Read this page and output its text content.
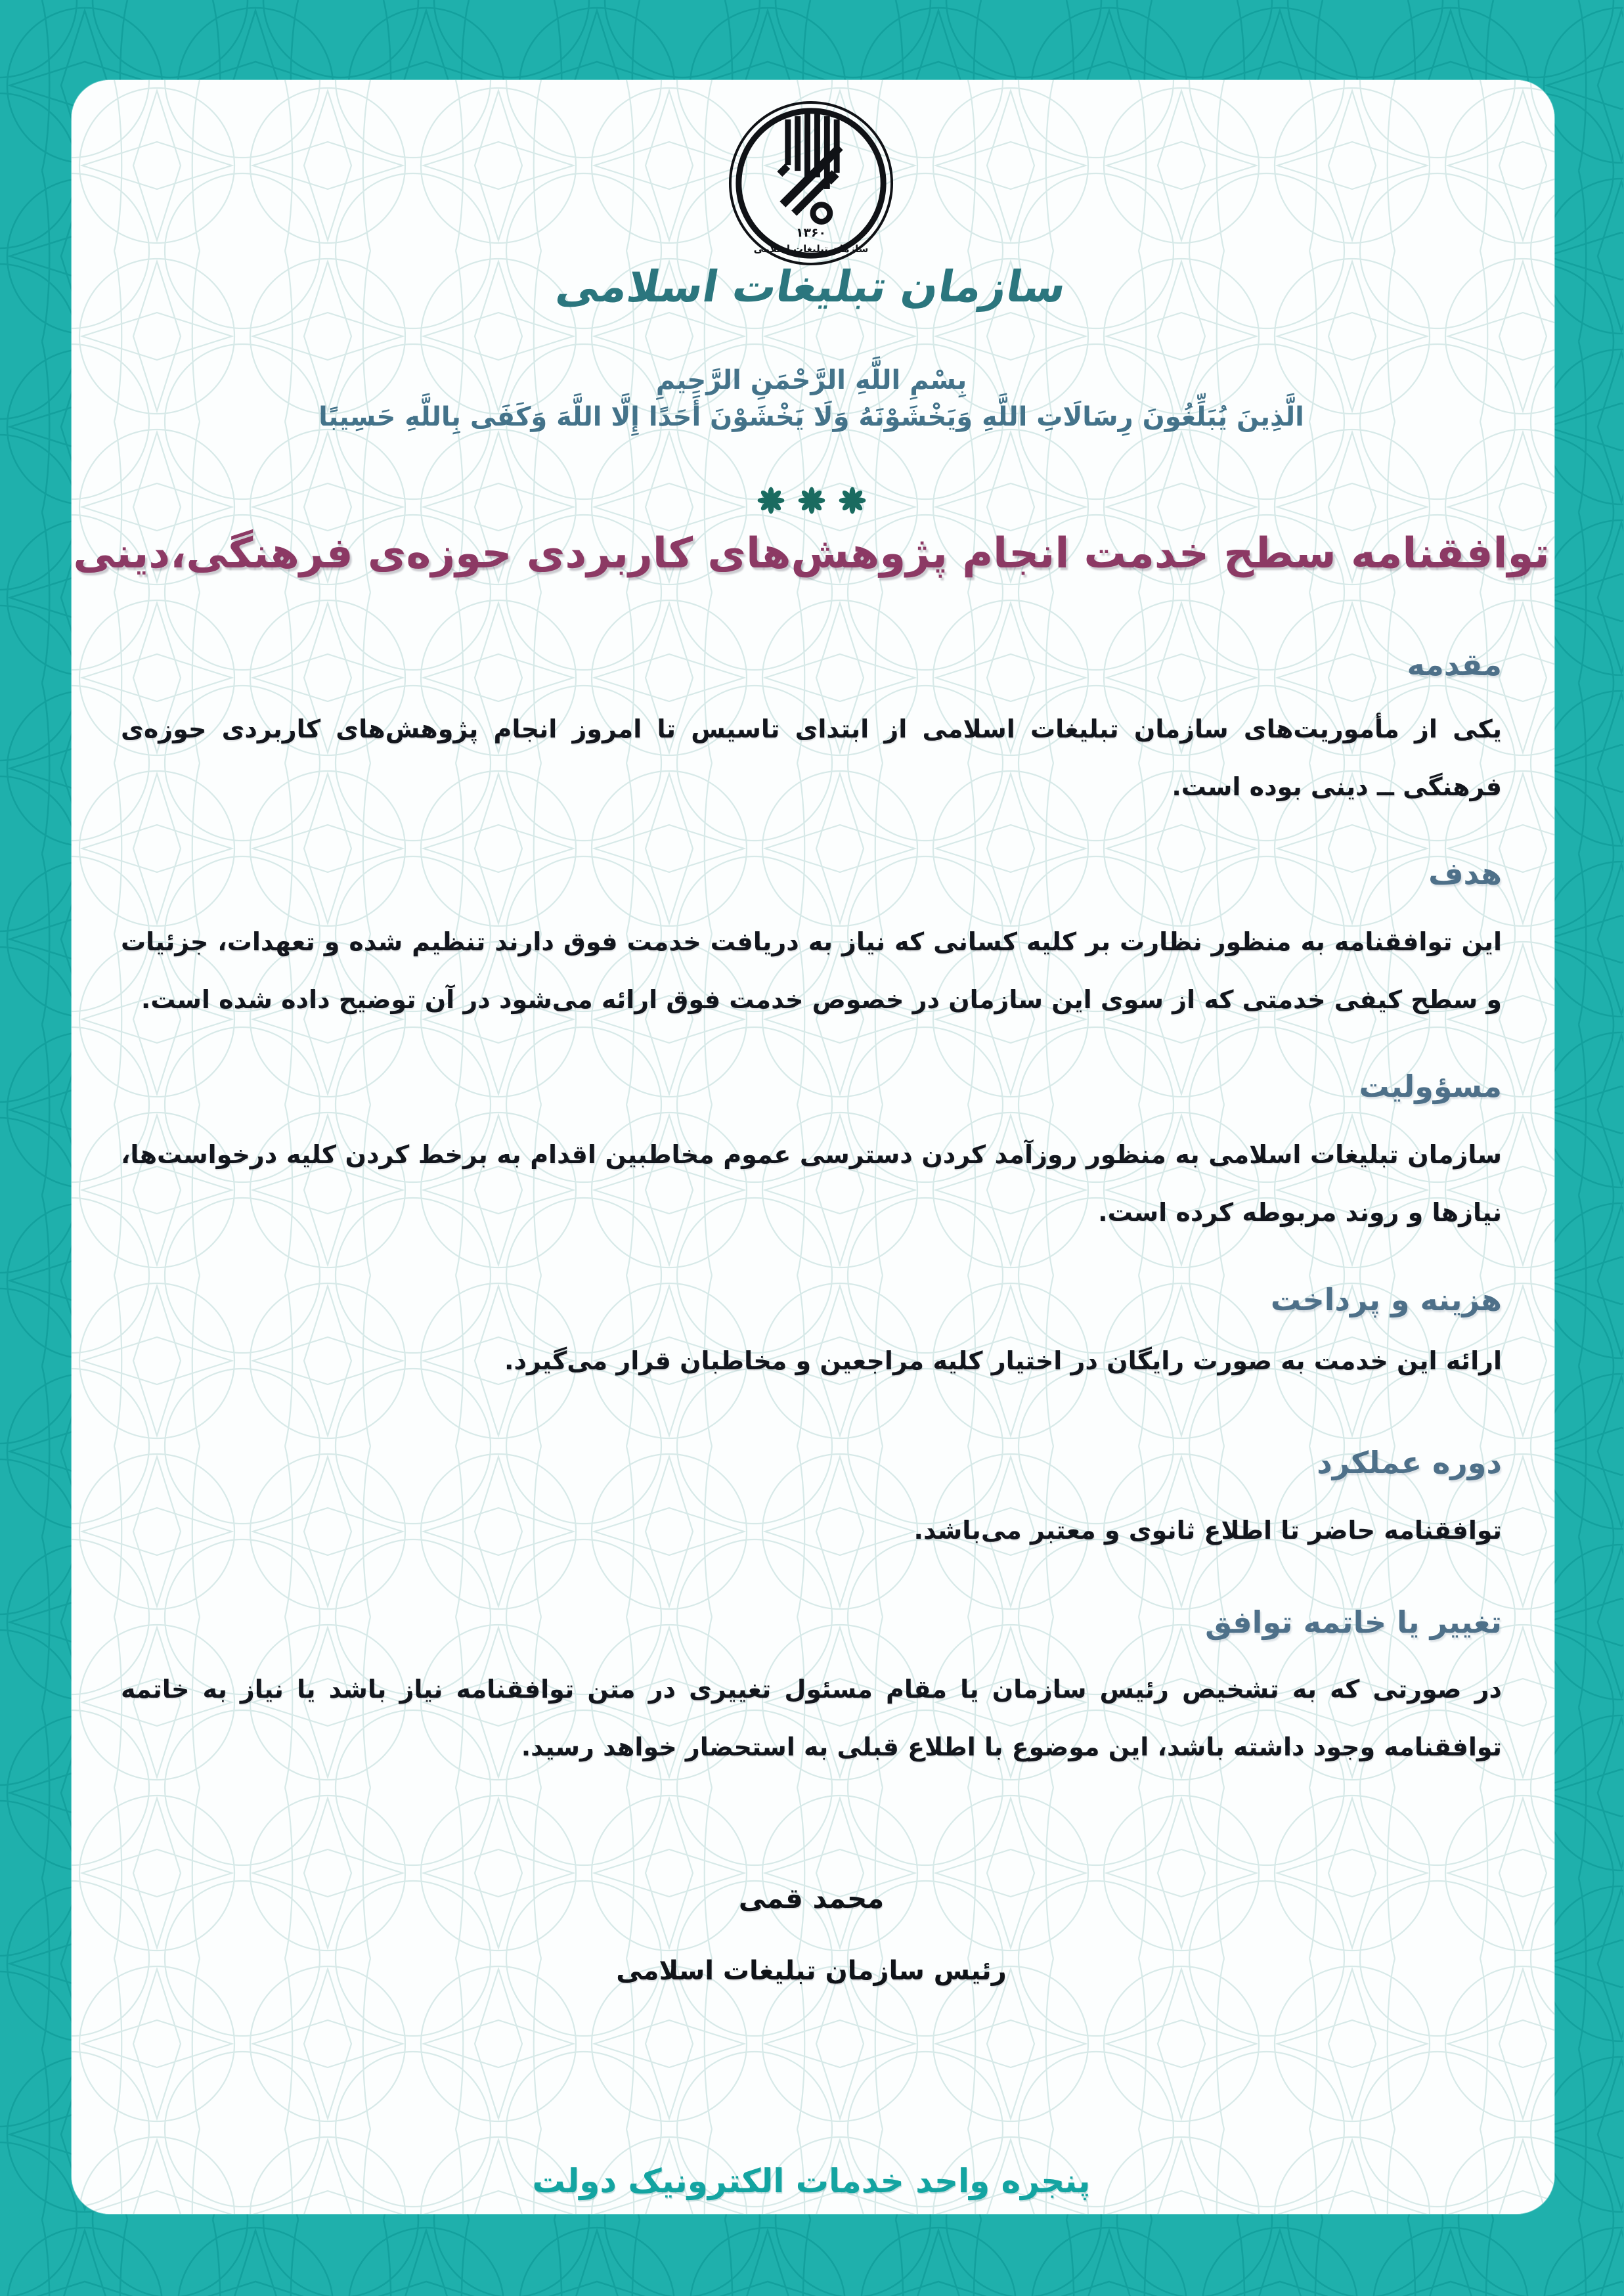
۱۳۶۰
سازمان تبلیغات اسلامی
سازمان تبلیغات اسلامی
بِسْمِ اللَّهِ الرَّحْمَنِ الرَّحِيمِ
الَّذِينَ يُبَلِّغُونَ رِسَالَاتِ اللَّهِ وَيَخْشَوْنَهُ وَلَا يَخْشَوْنَ أَحَدًا إِلَّا اللَّهَ وَكَفَى بِاللَّهِ حَسِيبًا
توافقنامه سطح خدمت انجام پژوهش‌های کاربردی حوزه‌ی فرهنگی،دینی
مقدمه
یکی از مأموریت‌های سازمان تبلیغات اسلامی از ابتدای تاسیس تا امروز انجام پژوهش‌های کاربردی حوزه‌ی فرهنگی ــ دینی بوده است.
هدف
این توافقنامه به منظور نظارت بر کلیه کسانی که نیاز به دریافت خدمت فوق دارند تنظیم شده و تعهدات، جزئیات و سطح کیفی خدمتی که از سوی این سازمان در خصوص خدمت فوق ارائه می‌شود در آن توضیح داده شده است.
مسؤولیت
سازمان تبلیغات اسلامی به منظور روزآمد کردن دسترسی عموم مخاطبین اقدام به برخط کردن کلیه درخواست‌ها، نیازها و روند مربوطه کرده است.
هزینه و پرداخت
ارائه این خدمت به صورت رایگان در اختیار کلیه مراجعین و مخاطبان قرار می‌گیرد.
دوره عملکرد
توافقنامه حاضر تا اطلاع ثانوی و معتبر می‌باشد.
تغییر یا خاتمه توافق
در صورتی که به تشخیص رئیس سازمان یا مقام مسئول تغییری در متن توافقنامه نیاز باشد یا نیاز به خاتمه توافقنامه وجود داشته باشد، این موضوع با اطلاع قبلی به استحضار خواهد رسید.
محمد قمی
رئیس سازمان تبلیغات اسلامی
پنجره واحد خدمات الکترونیک دولت
